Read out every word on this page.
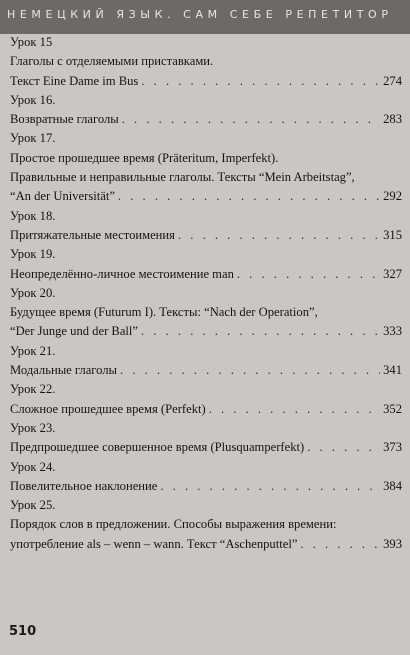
НЕМЕЦКИЙ ЯЗЫК. САМ СЕБЕ РЕПЕТИТОР
Урок 15
Глаголы с отделяемыми приставками.
Текст Eine Dame im Bus . . .	274
Урок 16.
Возвратные глаголы . . .	283
Урок 17.
Простое прошедшее время (Präteritum, Imperfekt).
Правильные и неправильные глаголы. Тексты “Mein Arbeitstag”,
“An der Universität” . . .	292
Урок 18.
Притяжательные местоимения . . .	315
Урок 19.
Неопределённо-личное местоимение man . . .	327
Урок 20.
Будущее время (Futurum I). Тексты: “Nach der Operation”,
“Der Junge und der Ball” . . .	333
Урок 21.
Модальные глаголы . . .	341
Урок 22.
Сложное прошедшее время (Perfekt) . . .	352
Урок 23.
Предпрошедшее совершенное время (Plusquamperfekt) . . .	373
Урок 24.
Повелительное наклонение . . .	384
Урок 25.
Порядок слов в предложении. Способы выражения времени:
употребление als – wenn – wann. Текст “Aschenputtel” . . .	393
510
